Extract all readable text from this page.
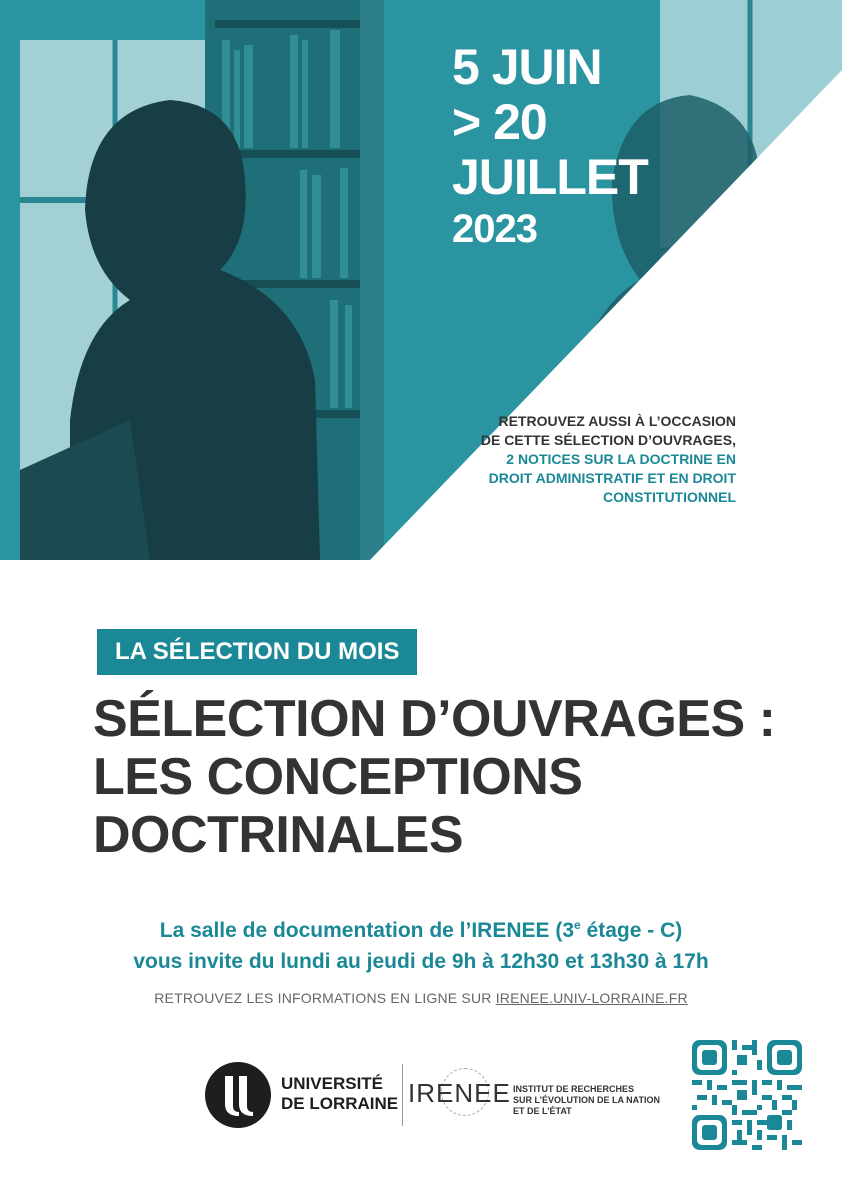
5 JUIN
> 20
JUILLET
2023
RETROUVEZ AUSSI À L’OCCASION DE CETTE SÉLECTION D’OUVRAGES, 2 NOTICES SUR LA DOCTRINE EN DROIT ADMINISTRATIF ET EN DROIT CONSTITUTIONNEL
LA SÉLECTION DU MOIS
SÉLECTION D’OUVRAGES :
LES CONCEPTIONS
DOCTRINALES
La salle de documentation de l’IRENEE (3e étage - C)
vous invite du lundi au jeudi de 9h à 12h30 et 13h30 à 17h
RETROUVEZ LES INFORMATIONS EN LIGNE SUR IRENEE.UNIV-LORRAINE.FR
UNIVERSITÉ
DE LORRAINE IRENEE INSTITUT DE RECHERCHES
SUR L’ÉVOLUTION DE LA NATION
ET DE L’ÉTAT
